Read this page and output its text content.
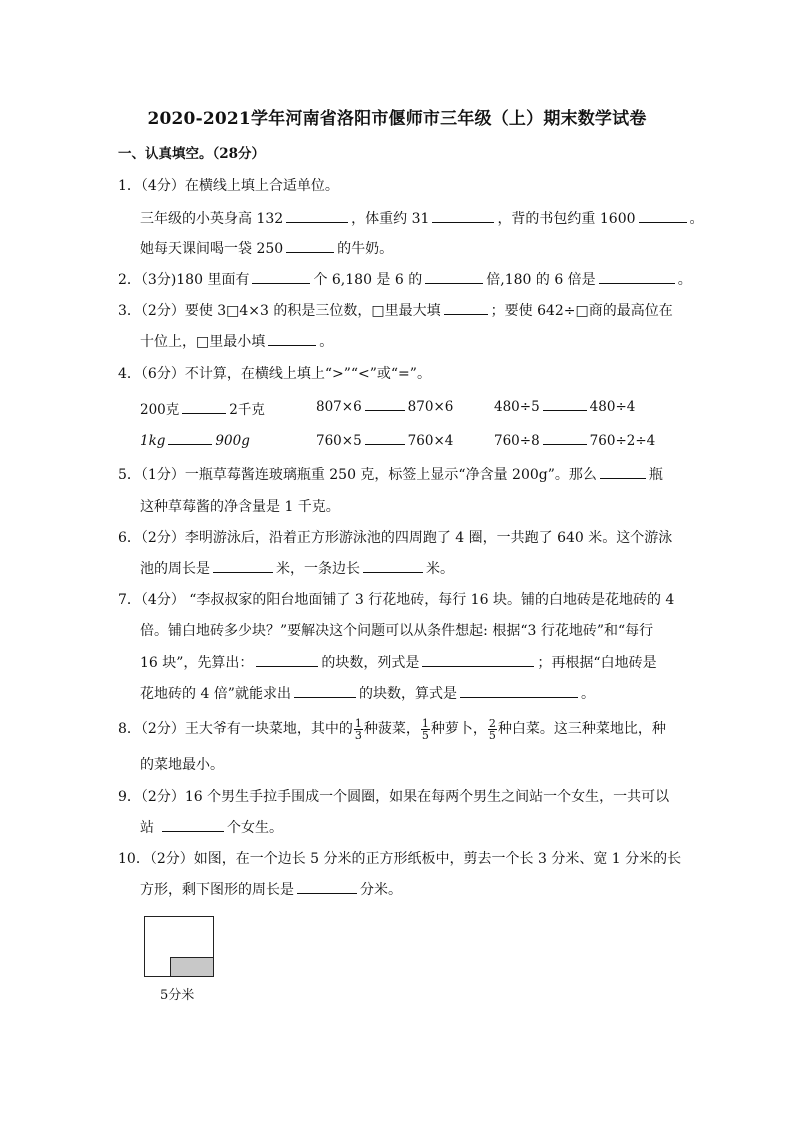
2020-2021学年河南省洛阳市偃师市三年级（上）期末数学试卷
一、认真填空。（28分）
1．（4分）在横线上填上合适单位。
三年级的小英身高 132	，体重约 31	，背的书包约重 1600	。
她每天课间喝一袋 250	的牛奶。
2．（3分)180 里面有	个 6,180 是 6 的	倍,180 的 6 倍是	。
3．（2分）要使 3□4×3 的积是三位数，□里最大填	；要使 642÷□商的最高位在
十位上，□里最小填	。
4．（6分）不计算，在横线上填上“>”“<”或“=”。
200克	2千克	807×6	870×6	480÷5	480÷4
1kg	900g	760×5	760×4	760÷8	760÷2÷4
5．（1分）一瓶草莓酱连玻璃瓶重 250 克，标签上显示“净含量 200g”。那么	瓶
这种草莓酱的净含量是 1 千克。
6．（2分）李明游泳后，沿着正方形游泳池的四周跑了 4 圈，一共跑了 640 米。这个游泳
池的周长是	米，一条边长	米。
7．（4分） “李叔叔家的阳台地面铺了 3 行花地砖，每行 16 块。铺的白地砖是花地砖的 4
倍。铺白地砖多少块？”要解决这个问题可以从条件想起: 根据“3 行花地砖”和“每行
16 块”，先算出：	的块数，列式是	；再根据“白地砖是
花地砖的 4 倍”就能求出	的块数，算式是	。
8．（2分）王大爷有一块菜地，其中的 $\frac{1}{3}$ 种菠菜， $\frac{1}{5}$ 种萝卜， $\frac{2}{5}$ 种白菜。这三种菜地比，种
的菜地最小。
9．（2分）16 个男生手拉手围成一个圆圈，如果在每两个男生之间站一个女生，一共可以
站	个女生。
10．（2分）如图，在一个边长 5 分米的正方形纸板中，剪去一个长 3 分米、宽 1 分米的长
方形，剩下图形的周长是	分米。
5分米
